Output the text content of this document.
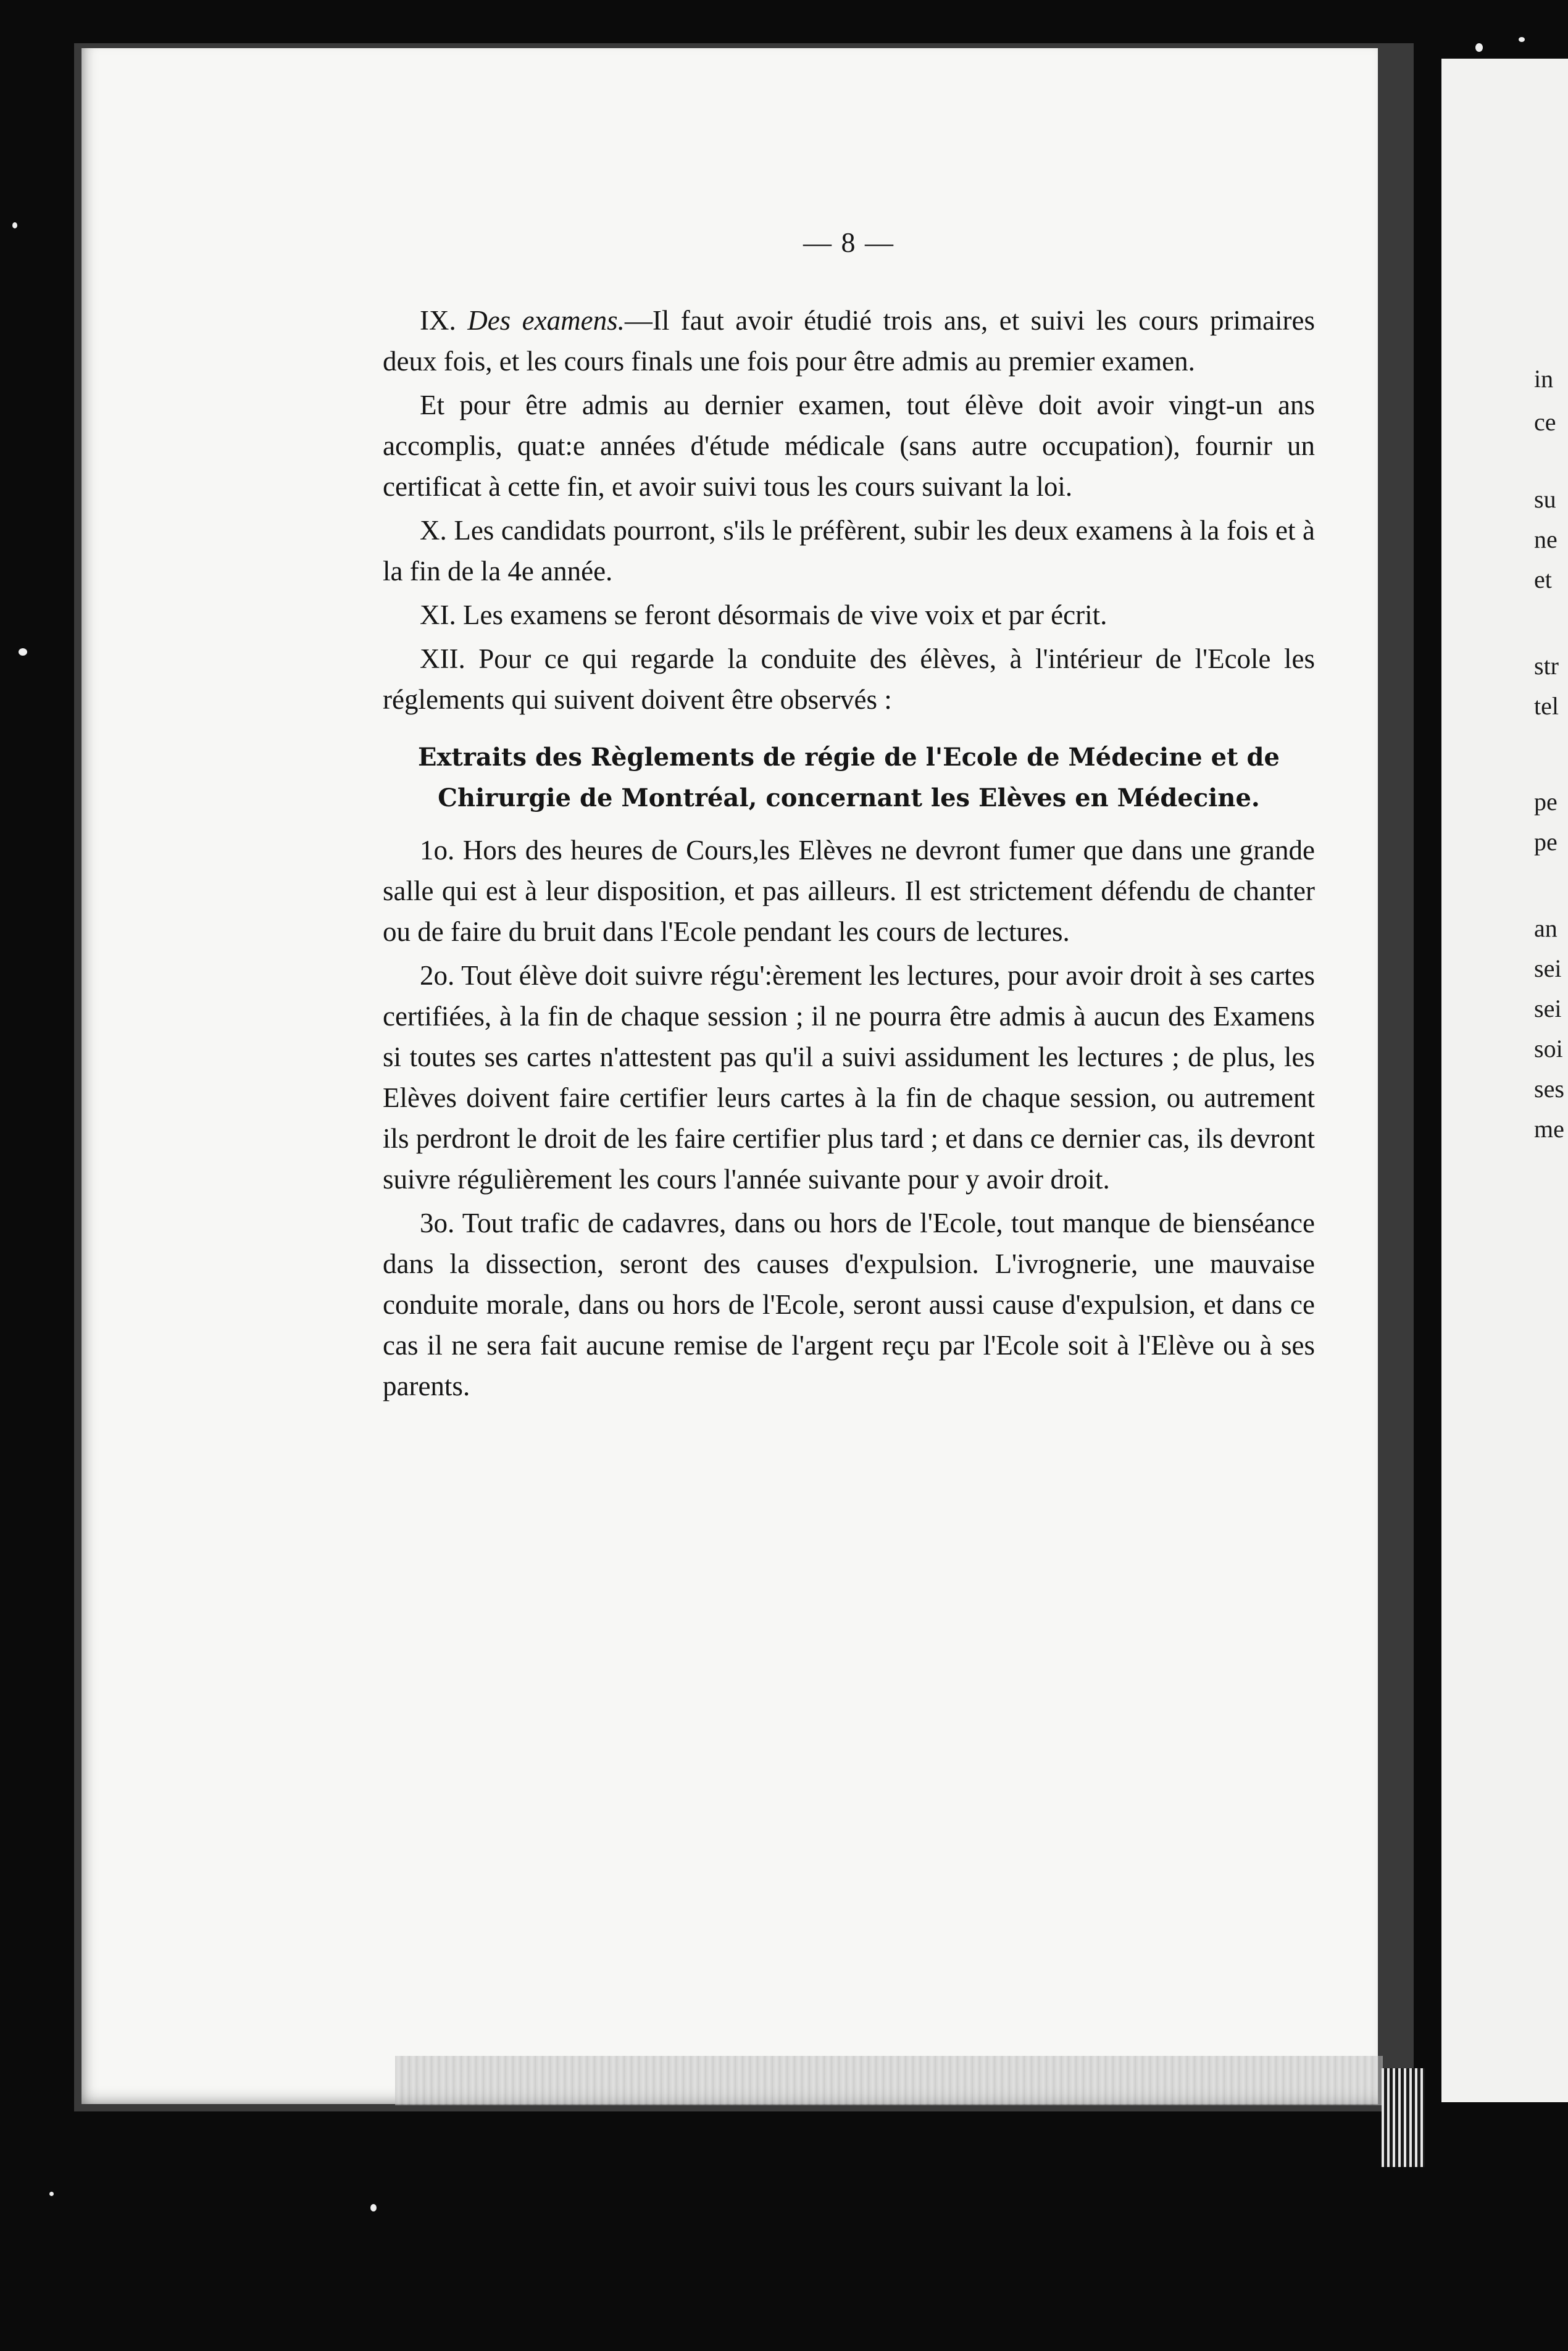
in
ce
su
ne
et
str
tel
pe
pe
an
sei
sei
soi
ses
me
— 8 —

IX. Des examens.—Il faut avoir étudié trois ans, et suivi les cours primaires deux fois, et les cours finals une fois pour être admis au premier examen.

Et pour être admis au dernier examen, tout élève doit avoir vingt-un ans accomplis, quat:e années d'étude médicale (sans autre occupation), fournir un certificat à cette fin, et avoir suivi tous les cours suivant la loi.

X. Les candidats pourront, s'ils le préfèrent, subir les deux examens à la fois et à la fin de la 4e année.

XI. Les examens se feront désormais de vive voix et par écrit.

XII. Pour ce qui regarde la conduite des élèves, à l'intérieur de l'Ecole les réglements qui suivent doivent être observés :

Extraits des Règlements de régie de l'Ecole de Médecine et de Chirurgie de Montréal, concernant les Elèves en Médecine.

1o. Hors des heures de Cours,les Elèves ne devront fumer que dans une grande salle qui est à leur disposition, et pas ailleurs. Il est strictement défendu de chanter ou de faire du bruit dans l'Ecole pendant les cours de lectures.

2o. Tout élève doit suivre régu':èrement les lectures, pour avoir droit à ses cartes certifiées, à la fin de chaque session ; il ne pourra être admis à aucun des Examens si toutes ses cartes n'attestent pas qu'il a suivi assidument les lectures ; de plus, les Elèves doivent faire certifier leurs cartes à la fin de chaque session, ou autrement ils perdront le droit de les faire certifier plus tard ; et dans ce dernier cas, ils devront suivre régulièrement les cours l'année suivante pour y avoir droit.

3o. Tout trafic de cadavres, dans ou hors de l'Ecole, tout manque de bienséance dans la dissection, seront des causes d'expulsion. L'ivrognerie, une mauvaise conduite morale, dans ou hors de l'Ecole, seront aussi cause d'expulsion, et dans ce cas il ne sera fait aucune remise de l'argent reçu par l'Ecole soit à l'Elève ou à ses parents.
